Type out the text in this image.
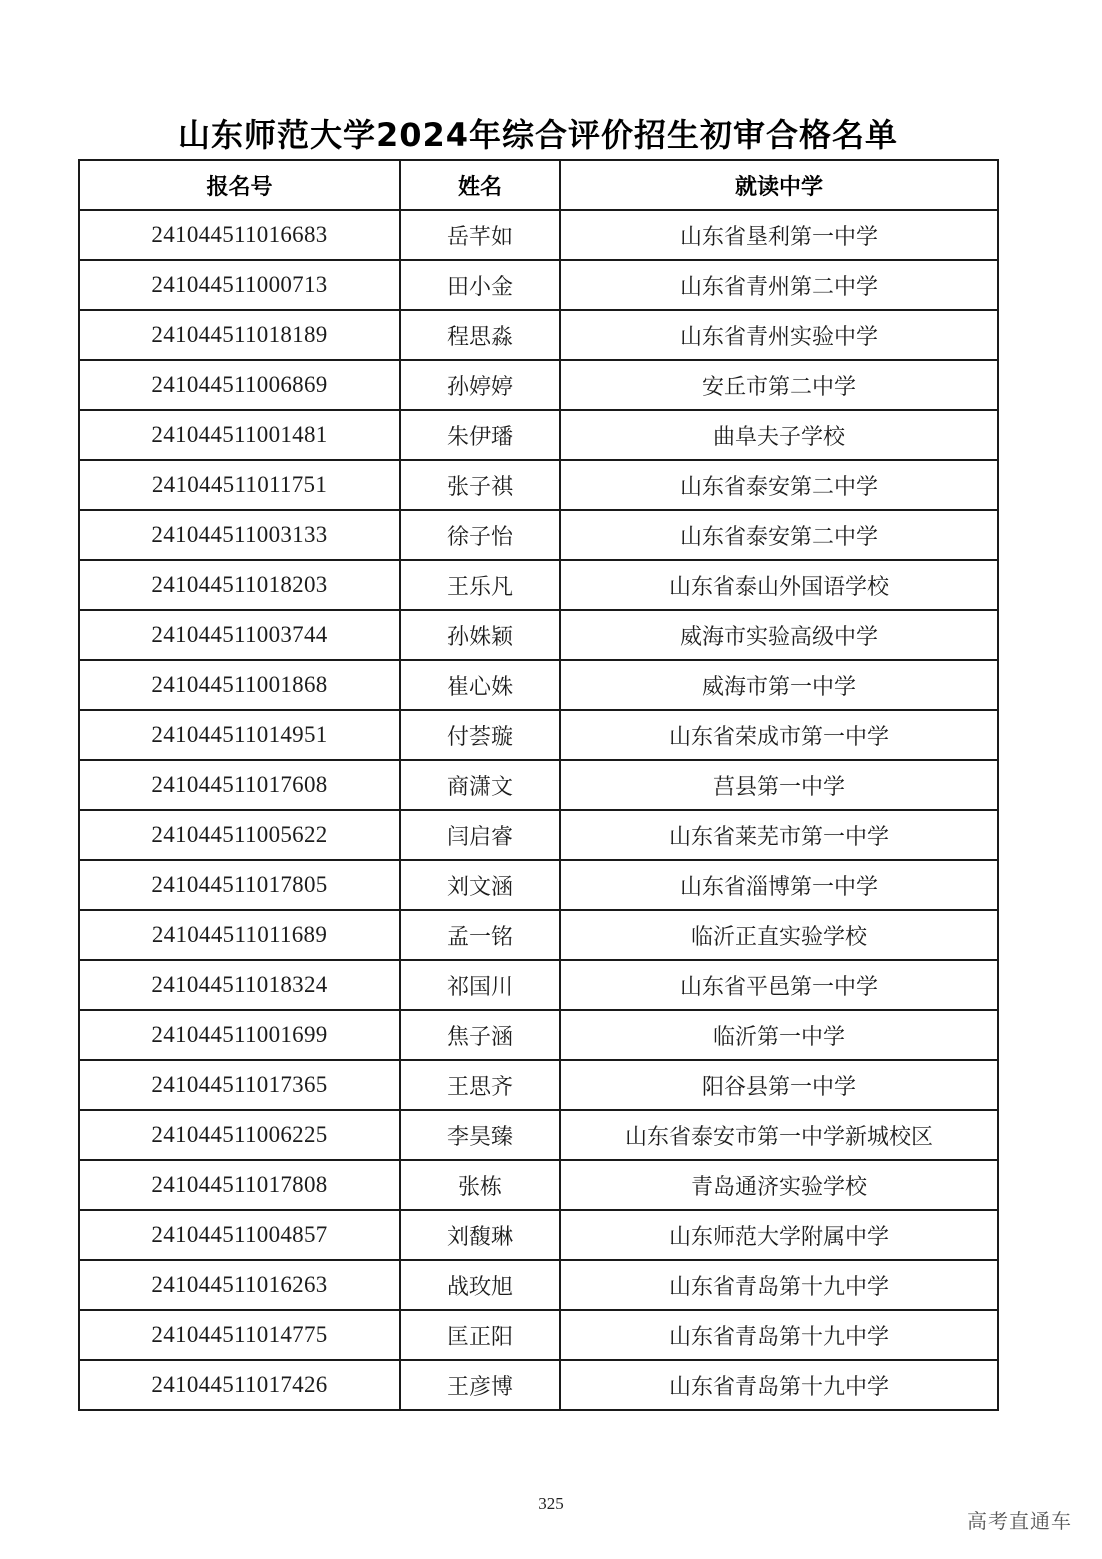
山东师范大学2024年综合评价招生初审合格名单
报名号	姓名	就读中学
241044511016683	岳芊如	山东省垦利第一中学
241044511000713	田小金	山东省青州第二中学
241044511018189	程思淼	山东省青州实验中学
241044511006869	孙婷婷	安丘市第二中学
241044511001481	朱伊璠	曲阜夫子学校
241044511011751	张子祺	山东省泰安第二中学
241044511003133	徐子怡	山东省泰安第二中学
241044511018203	王乐凡	山东省泰山外国语学校
241044511003744	孙姝颖	威海市实验高级中学
241044511001868	崔心姝	威海市第一中学
241044511014951	付荟璇	山东省荣成市第一中学
241044511017608	商潇文	莒县第一中学
241044511005622	闫启睿	山东省莱芜市第一中学
241044511017805	刘文涵	山东省淄博第一中学
241044511011689	孟一铭	临沂正直实验学校
241044511018324	祁国川	山东省平邑第一中学
241044511001699	焦子涵	临沂第一中学
241044511017365	王思齐	阳谷县第一中学
241044511006225	李昊臻	山东省泰安市第一中学新城校区
241044511017808	张栋	青岛通济实验学校
241044511004857	刘馥琳	山东师范大学附属中学
241044511016263	战玫旭	山东省青岛第十九中学
241044511014775	匡正阳	山东省青岛第十九中学
241044511017426	王彦博	山东省青岛第十九中学
325
高考直通车
